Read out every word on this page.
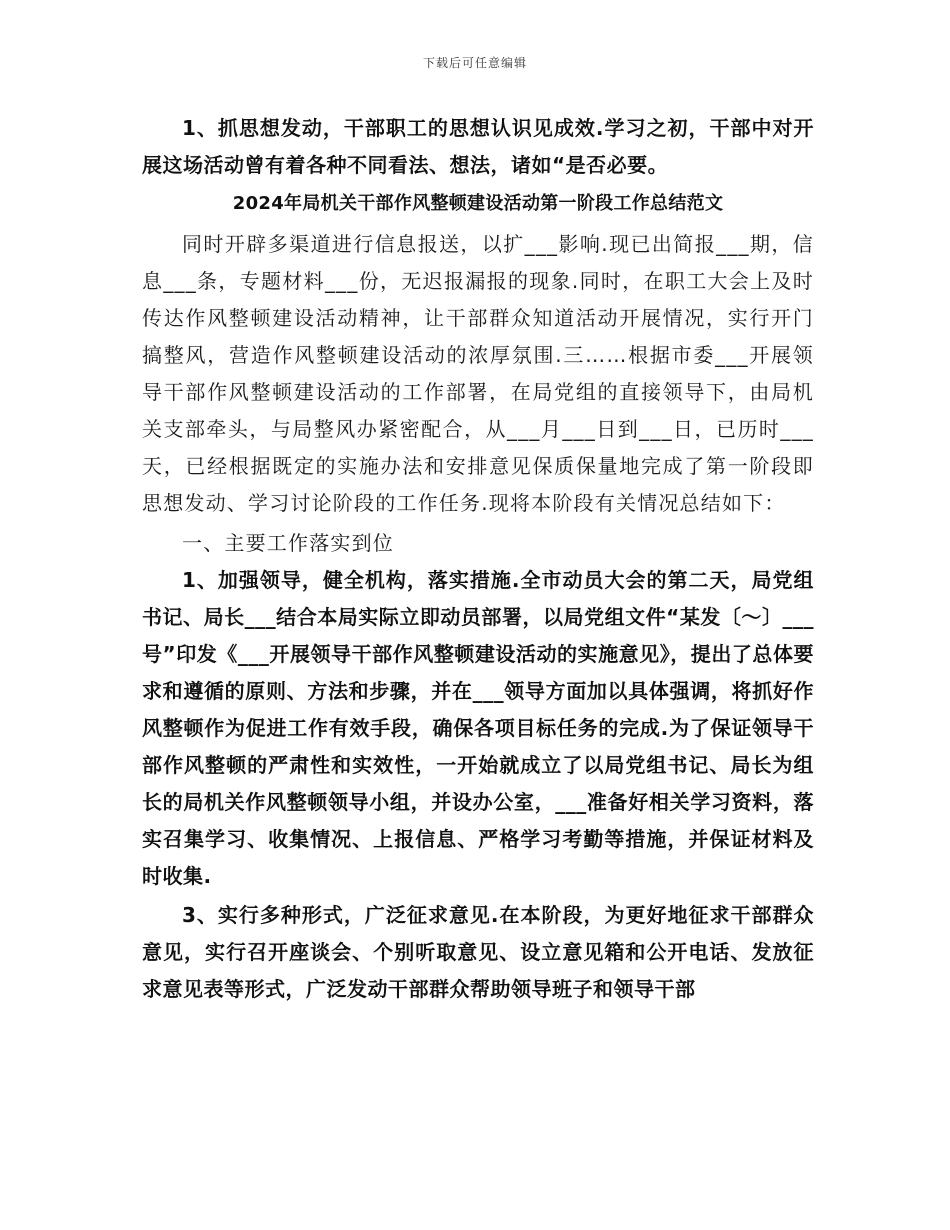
下载后可任意编辑

1、抓思想发动，干部职工的思想认识见成效.学习之初，干部中对开展这场活动曾有着各种不同看法、想法，诸如“是否必要。

2024年局机关干部作风整顿建设活动第一阶段工作总结范文

同时开辟多渠道进行信息报送，以扩___影响.现已出简报___期，信息___条，专题材料___份，无迟报漏报的现象.同时，在职工大会上及时传达作风整顿建设活动精神，让干部群众知道活动开展情况，实行开门搞整风，营造作风整顿建设活动的浓厚氛围.三……根据市委___开展领导干部作风整顿建设活动的工作部署，在局党组的直接领导下，由局机关支部牵头，与局整风办紧密配合，从___月___日到___日，已历时___天，已经根据既定的实施办法和安排意见保质保量地完成了第一阶段即思想发动、学习讨论阶段的工作任务.现将本阶段有关情况总结如下：

一、主要工作落实到位

1、加强领导，健全机构，落实措施.全市动员大会的第二天，局党组书记、局长___结合本局实际立即动员部署，以局党组文件“某发〔～〕___号”印发《___开展领导干部作风整顿建设活动的实施意见》，提出了总体要求和遵循的原则、方法和步骤，并在___领导方面加以具体强调，将抓好作风整顿作为促进工作有效手段，确保各项目标任务的完成.为了保证领导干部作风整顿的严肃性和实效性，一开始就成立了以局党组书记、局长为组长的局机关作风整顿领导小组，并设办公室，___准备好相关学习资料，落实召集学习、收集情况、上报信息、严格学习考勤等措施，并保证材料及时收集.

3、实行多种形式，广泛征求意见.在本阶段，为更好地征求干部群众意见，实行召开座谈会、个别听取意见、设立意见箱和公开电话、发放征求意见表等形式，广泛发动干部群众帮助领导班子和领导干部
